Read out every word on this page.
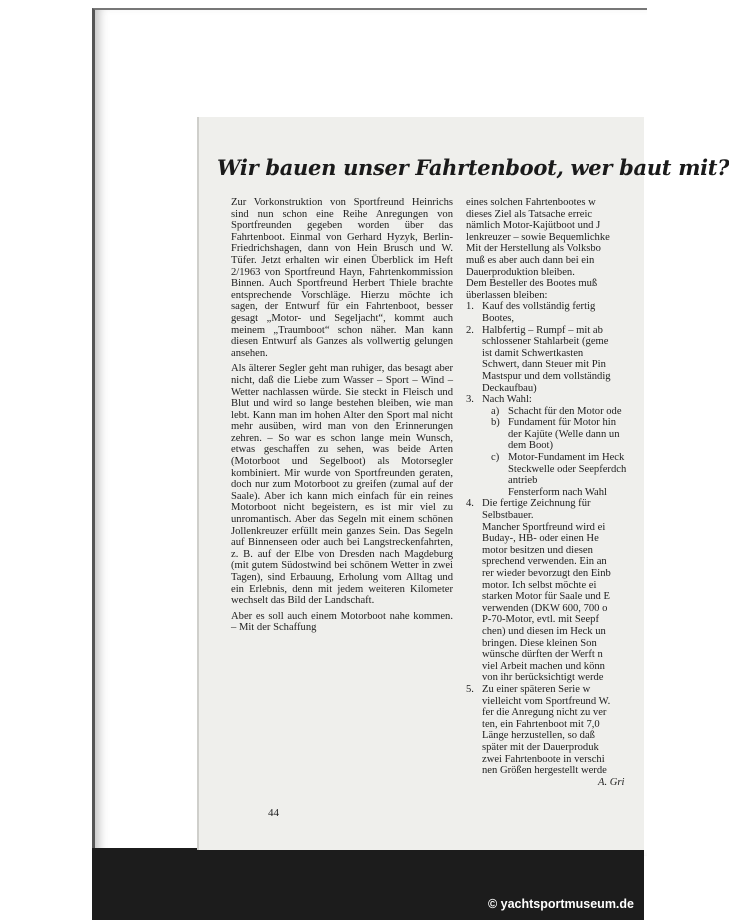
Wir bauen unser Fahrtenboot, wer baut mit?

Zur Vorkonstruktion von Sportfreund Heinrichs sind nun schon eine Reihe Anregungen von Sportfreunden gegeben worden über das Fahrtenboot. Einmal von Gerhard Hyzyk, Berlin-Friedrichshagen, dann von Hein Brusch und W. Tüfer. Jetzt erhalten wir einen Überblick im Heft 2/1963 von Sportfreund Hayn, Fahrtenkommission Binnen. Auch Sportfreund Herbert Thiele brachte entsprechende Vorschläge. Hierzu möchte ich sagen, der Entwurf für ein Fahrtenboot, besser gesagt „Motor- und Segeljacht“, kommt auch meinem „Traumboot“ schon näher. Man kann diesen Entwurf als Ganzes als vollwertig gelungen ansehen.

Als älterer Segler geht man ruhiger, das besagt aber nicht, daß die Liebe zum Wasser – Sport – Wind – Wetter nachlassen würde. Sie steckt in Fleisch und Blut und wird so lange bestehen bleiben, wie man lebt. Kann man im hohen Alter den Sport mal nicht mehr ausüben, wird man von den Erinnerungen zehren. – So war es schon lange mein Wunsch, etwas geschaffen zu sehen, was beide Arten (Motorboot und Segelboot) als Motorsegler kombiniert. Mir wurde von Sportfreunden geraten, doch nur zum Motorboot zu greifen (zumal auf der Saale). Aber ich kann mich einfach für ein reines Motorboot nicht begeistern, es ist mir viel zu unromantisch. Aber das Segeln mit einem schönen Jollenkreuzer erfüllt mein ganzes Sein. Das Segeln auf Binnenseen oder auch bei Langstreckenfahrten, z. B. auf der Elbe von Dresden nach Magdeburg (mit gutem Südostwind bei schönem Wetter in zwei Tagen), sind Erbauung, Erholung vom Alltag und ein Erlebnis, denn mit jedem weiteren Kilometer wechselt das Bild der Landschaft.

Aber es soll auch einem Motorboot nahe kommen. – Mit der Schaffung

eines solchen Fahrtenbootes w
dieses Ziel als Tatsache erreic
nämlich Motor-Kajütboot und J
lenkreuzer – sowie Bequemlichke
Mit der Herstellung als Volksbo
muß es aber auch dann bei ein
Dauerproduktion bleiben.
Dem Besteller des Bootes muß
überlassen bleiben:
1. Kauf des vollständig fertig
Bootes,
2. Halbfertig – Rumpf – mit ab
schlossener Stahlarbeit (geme
ist damit Schwertkasten
Schwert, dann Steuer mit Pin
Mastspur und dem vollständig
Deckaufbau)
3. Nach Wahl:
a) Schacht für den Motor ode
b) Fundament für Motor hin
der Kajüte (Welle dann un
dem Boot)
c) Motor-Fundament im Heck
Steckwelle oder Seepferdch
antrieb
Fensterform nach Wahl
4. Die fertige Zeichnung für
Selbstbauer.
Mancher Sportfreund wird ei
Buday-, HB- oder einen He
motor besitzen und diesen
sprechend verwenden. Ein an
rer wieder bevorzugt den Einb
motor. Ich selbst möchte ei
starken Motor für Saale und E
verwenden (DKW 600, 700 o
P-70-Motor, evtl. mit Seepf
chen) und diesen im Heck un
bringen. Diese kleinen Son
wünsche dürften der Werft n
viel Arbeit machen und könn
von ihr berücksichtigt werde
5. Zu einer späteren Serie w
vielleicht vom Sportfreund W.
fer die Anregung nicht zu ver
ten, ein Fahrtenboot mit 7,0
Länge herzustellen, so daß
später mit der Dauerproduk
zwei Fahrtenboote in verschi
nen Größen hergestellt werde
A. Gri
44
© yachtsportmuseum.de
